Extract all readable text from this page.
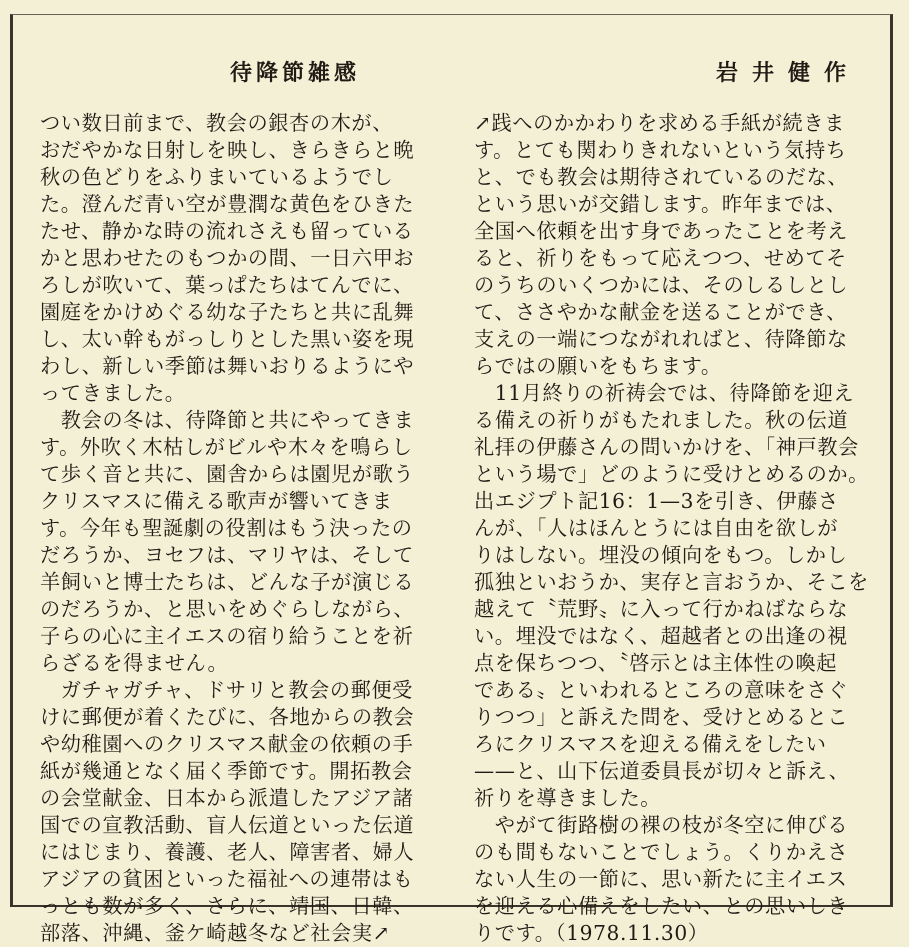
待降節雑感	岩井健作
つい数日前まで、教会の銀杏の木が、
おだやかな日射しを映し、きらきらと晩
秋の色どりをふりまいているようでし
た。澄んだ青い空が豊潤な黄色をひきた
たせ、静かな時の流れさえも留っている
かと思わせたのもつかの間、一日六甲お
ろしが吹いて、葉っぱたちはてんでに、
園庭をかけめぐる幼な子たちと共に乱舞
し、太い幹もがっしりとした黒い姿を現
わし、新しい季節は舞いおりるようにや
ってきました。
　教会の冬は、待降節と共にやってきま
す。外吹く木枯しがビルや木々を鳴らし
て歩く音と共に、園舎からは園児が歌う
クリスマスに備える歌声が響いてきま
す。今年も聖誕劇の役割はもう決ったの
だろうか、ヨセフは、マリヤは、そして
羊飼いと博士たちは、どんな子が演じる
のだろうか、と思いをめぐらしながら、
子らの心に主イエスの宿り給うことを祈
らざるを得ません。
　ガチャガチャ、ドサリと教会の郵便受
けに郵便が着くたびに、各地からの教会
や幼稚園へのクリスマス献金の依頼の手
紙が幾通となく届く季節です。開拓教会
の会堂献金、日本から派遣したアジア諸
国での宣教活動、盲人伝道といった伝道
にはじまり、養護、老人、障害者、婦人
アジアの貧困といった福祉への連帯はも
っとも数が多く、さらに、靖国、日韓、
部落、沖縄、釜ケ崎越冬など社会実↗
↗践へのかかわりを求める手紙が続きま
す。とても関わりきれないという気持ち
と、でも教会は期待されているのだな、
という思いが交錯します。昨年までは、
全国へ依頼を出す身であったことを考え
ると、祈りをもって応えつつ、せめてそ
のうちのいくつかには、そのしるしとし
て、ささやかな献金を送ることができ、
支えの一端につながれればと、待降節な
らではの願いをもちます。
　11月終りの祈祷会では、待降節を迎え
る備えの祈りがもたれました。秋の伝道
礼拝の伊藤さんの問いかけを、「神戸教会
という場で」どのように受けとめるのか。
出エジプト記16：1—3を引き、伊藤さ
んが、「人はほんとうには自由を欲しが
りはしない。埋没の傾向をもつ。しかし
孤独といおうか、実存と言おうか、そこを
越えて〝荒野〟に入って行かねばならな
い。埋没ではなく、超越者との出逢の視
点を保ちつつ、〝啓示とは主体性の喚起
である〟といわれるところの意味をさぐ
りつつ」と訴えた問を、受けとめるとこ
ろにクリスマスを迎える備えをしたい
——と、山下伝道委員長が切々と訴え、
祈りを導きました。
　やがて街路樹の裸の枝が冬空に伸びる
のも間もないことでしょう。くりかえさ
ない人生の一節に、思い新たに主イエス
を迎える心備えをしたい、との思いしき
りです。（1978.11.30）
